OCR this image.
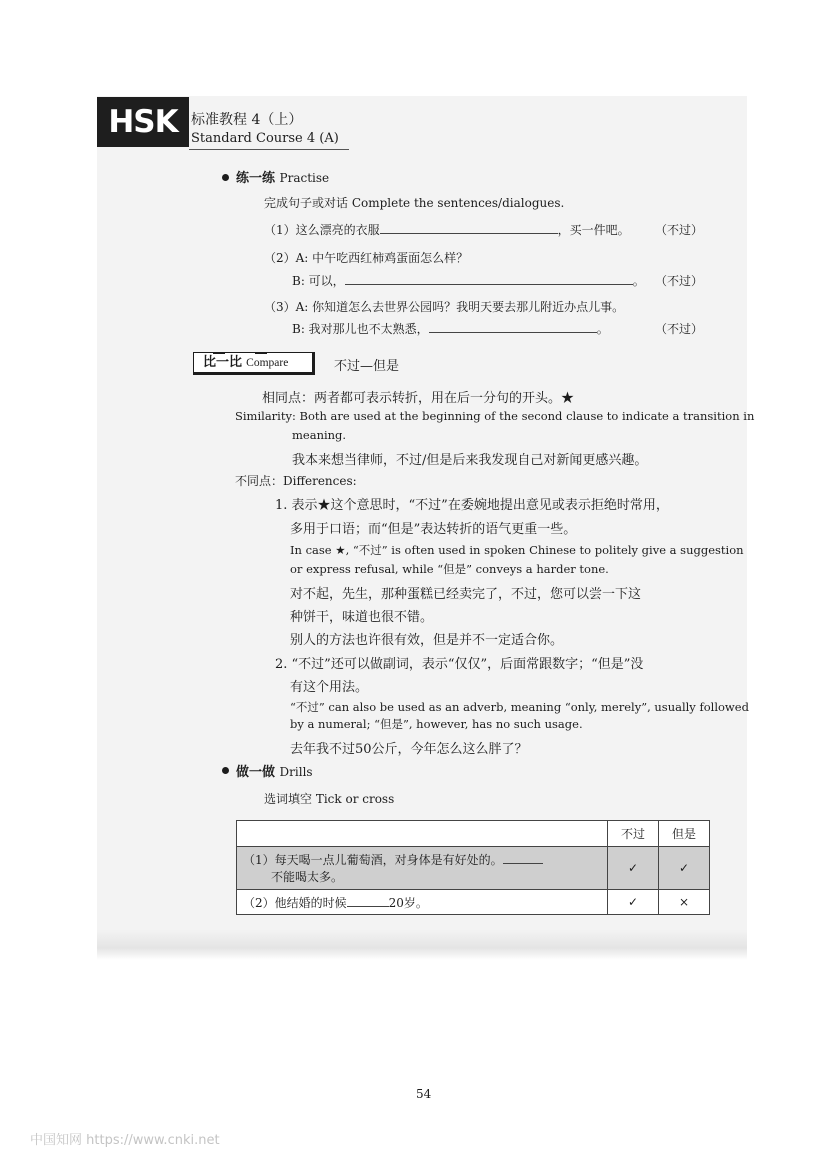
HSK 标准教程 4（上）
Standard Course 4 (A)
练一练 Practise
完成句子或对话 Complete the sentences/dialogues.
（1）这么漂亮的衣服	，买一件吧。 （不过）
（2）A: 中午吃西红柿鸡蛋面怎么样？
B: 可以，	。 （不过）
（3）A: 你知道怎么去世界公园吗？我明天要去那儿附近办点儿事。
B: 我对那儿也不太熟悉，	。	（不过）
比一比 Compare	不过—但是
相同点：两者都可表示转折，用在后一分句的开头。★
Similarity: Both are used at the beginning of the second clause to indicate a transition in
meaning.
我本来想当律师，不过/但是后来我发现自己对新闻更感兴趣。
不同点：Differences:
1. 表示★这个意思时，“不过”在委婉地提出意见或表示拒绝时常用，
多用于口语；而“但是”表达转折的语气更重一些。
In case ★, “不过” is often used in spoken Chinese to politely give a suggestion
or express refusal, while “但是” conveys a harder tone.
对不起，先生，那种蛋糕已经卖完了，不过，您可以尝一下这
种饼干，味道也很不错。
别人的方法也许很有效，但是并不一定适合你。
2. “不过”还可以做副词，表示“仅仅”，后面常跟数字；“但是”没
有这个用法。
“不过” can also be used as an adverb, meaning “only, merely”, usually followed
by a numeral; “但是”, however, has no such usage.
去年我不过50公斤，今年怎么这么胖了？
做一做 Drills
选词填空 Tick or cross
	不过	但是

（1）每天喝一点儿葡萄酒，对身体是有好处的。
不能喝太多。	✓	✓
（2）他结婚的时候 20岁。	✓	×
54
中国知网 https://www.cnki.net
